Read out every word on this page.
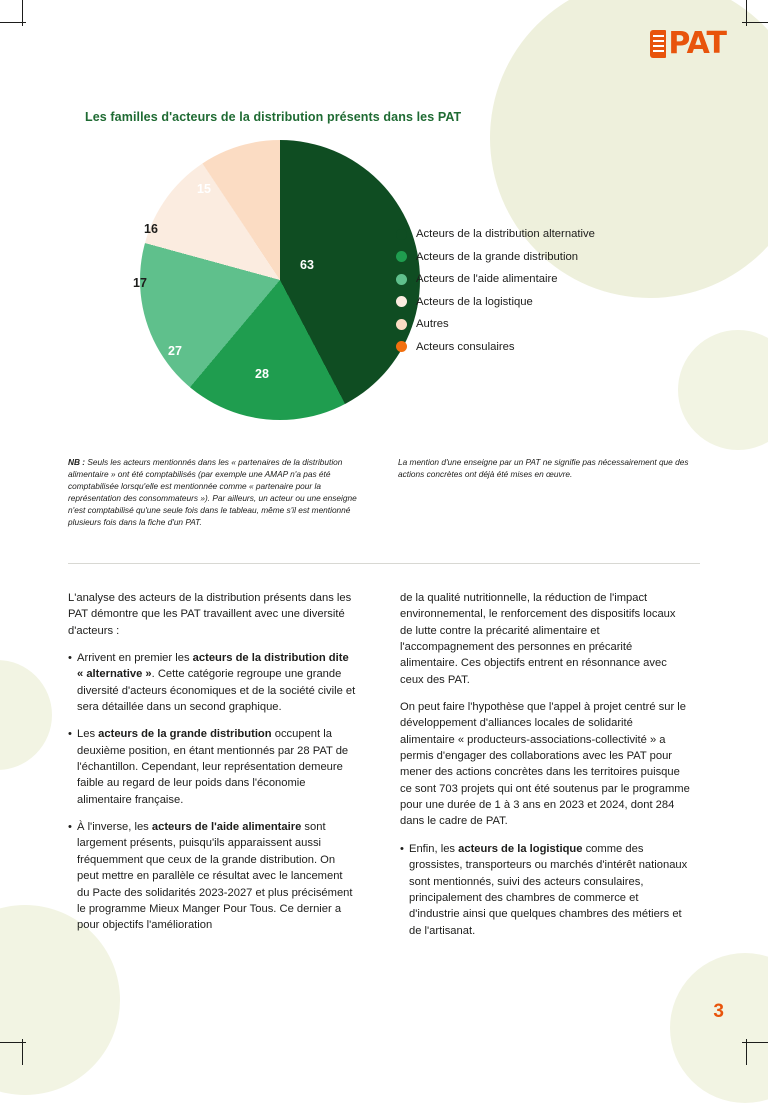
PAT
Les familles d'acteurs de la distribution présents dans les PAT
63
28
27
17
16
15
Acteurs de la distribution alternative
Acteurs de la grande distribution
Acteurs de l'aide alimentaire
Acteurs de la logistique
Autres
Acteurs consulaires
NB : Seuls les acteurs mentionnés dans les « partenaires de la distribution alimentaire » ont été comptabilisés (par exemple une AMAP n'a pas été comptabilisée lorsqu'elle est mentionnée comme « partenaire pour la représentation des consommateurs »). Par ailleurs, un acteur ou une enseigne n'est comptabilisé qu'une seule fois dans le tableau, même s'il est mentionné plusieurs fois dans la fiche d'un PAT.
La mention d'une enseigne par un PAT ne signifie pas nécessairement que des actions concrètes ont déjà été mises en œuvre.

L'analyse des acteurs de la distribution présents dans les PAT démontre que les PAT travaillent avec une diversité d'acteurs :

• Arrivent en premier les acteurs de la distribution dite « alternative ». Cette catégorie regroupe une grande diversité d'acteurs économiques et de la société civile et sera détaillée dans un second graphique.

• Les acteurs de la grande distribution occupent la deuxième position, en étant mentionnés par 28 PAT de l'échantillon. Cependant, leur représentation demeure faible au regard de leur poids dans l'économie alimentaire française.

• À l'inverse, les acteurs de l'aide alimentaire sont largement présents, puisqu'ils apparaissent aussi fréquemment que ceux de la grande distribution. On peut mettre en parallèle ce résultat avec le lancement du Pacte des solidarités 2023-2027 et plus précisément le programme Mieux Manger Pour Tous. Ce dernier a pour objectifs l'amélioration

de la qualité nutritionnelle, la réduction de l'impact environnemental, le renforcement des dispositifs locaux de lutte contre la précarité alimentaire et l'accompagnement des personnes en précarité alimentaire. Ces objectifs entrent en résonnance avec ceux des PAT.

On peut faire l'hypothèse que l'appel à projet centré sur le développement d'alliances locales de solidarité alimentaire « producteurs-associations-collectivité » a permis d'engager des collaborations avec les PAT pour mener des actions concrètes dans les territoires puisque ce sont 703 projets qui ont été soutenus par le programme pour une durée de 1 à 3 ans en 2023 et 2024, dont 284 dans le cadre de PAT.

• Enfin, les acteurs de la logistique comme des grossistes, transporteurs ou marchés d'intérêt nationaux sont mentionnés, suivi des acteurs consulaires, principalement des chambres de commerce et d'industrie ainsi que quelques chambres des métiers et de l'artisanat.

3
